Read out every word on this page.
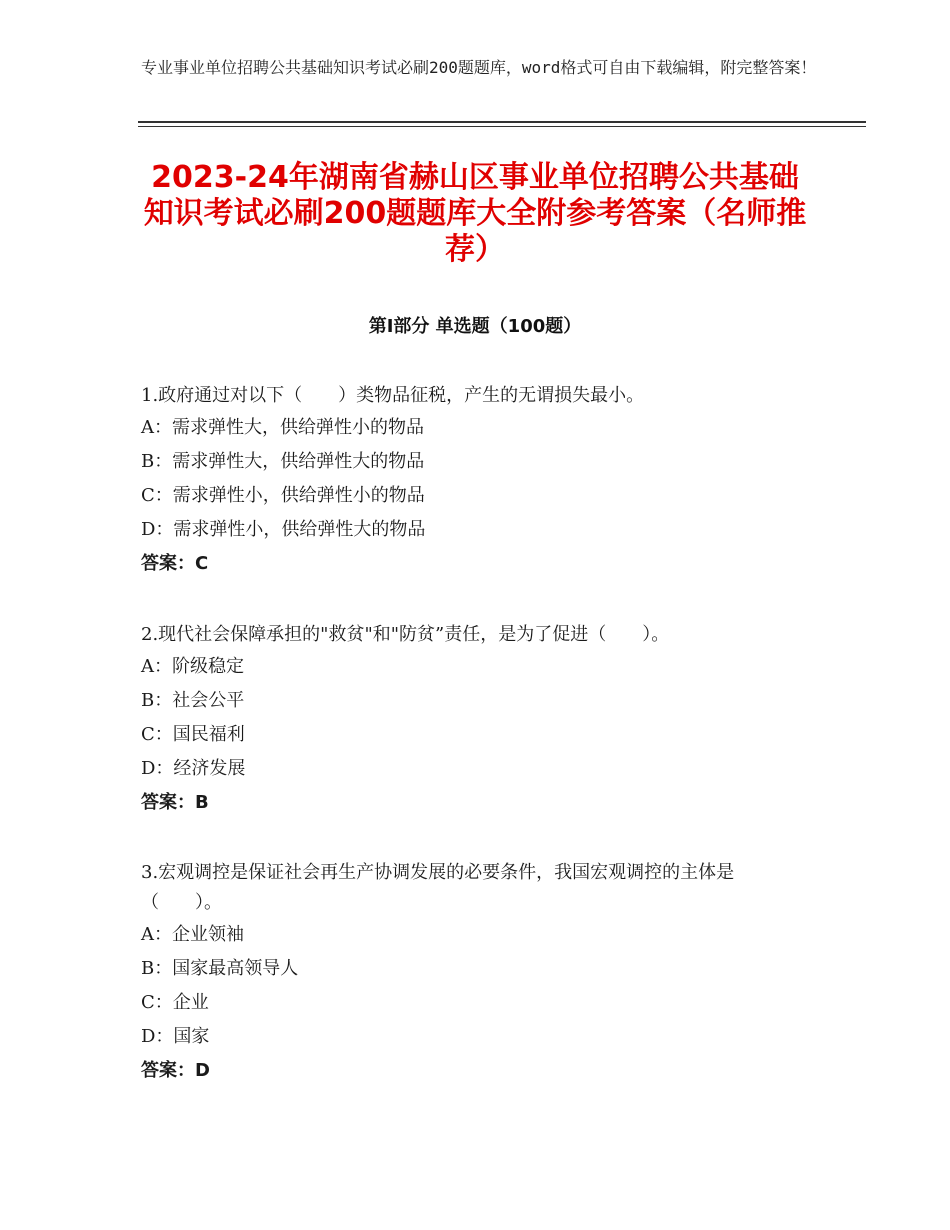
专业事业单位招聘公共基础知识考试必刷200题题库，word格式可自由下载编辑，附完整答案！
2023-24年湖南省赫山区事业单位招聘公共基础知识考试必刷200题题库大全附参考答案（名师推荐）
第Ⅰ部分 单选题（100题）

1.政府通过对以下（　　）类物品征税，产生的无谓损失最小。

A：需求弹性大，供给弹性小的物品

B：需求弹性大，供给弹性大的物品

C：需求弹性小，供给弹性小的物品

D：需求弹性小，供给弹性大的物品

答案：C

2.现代社会保障承担的"救贫"和"防贫”责任，是为了促进（　　）。

A：阶级稳定

B：社会公平

C：国民福利

D：经济发展

答案：B

3.宏观调控是保证社会再生产协调发展的必要条件，我国宏观调控的主体是（　　）。

A：企业领袖

B：国家最高领导人

C：企业

D：国家

答案：D
